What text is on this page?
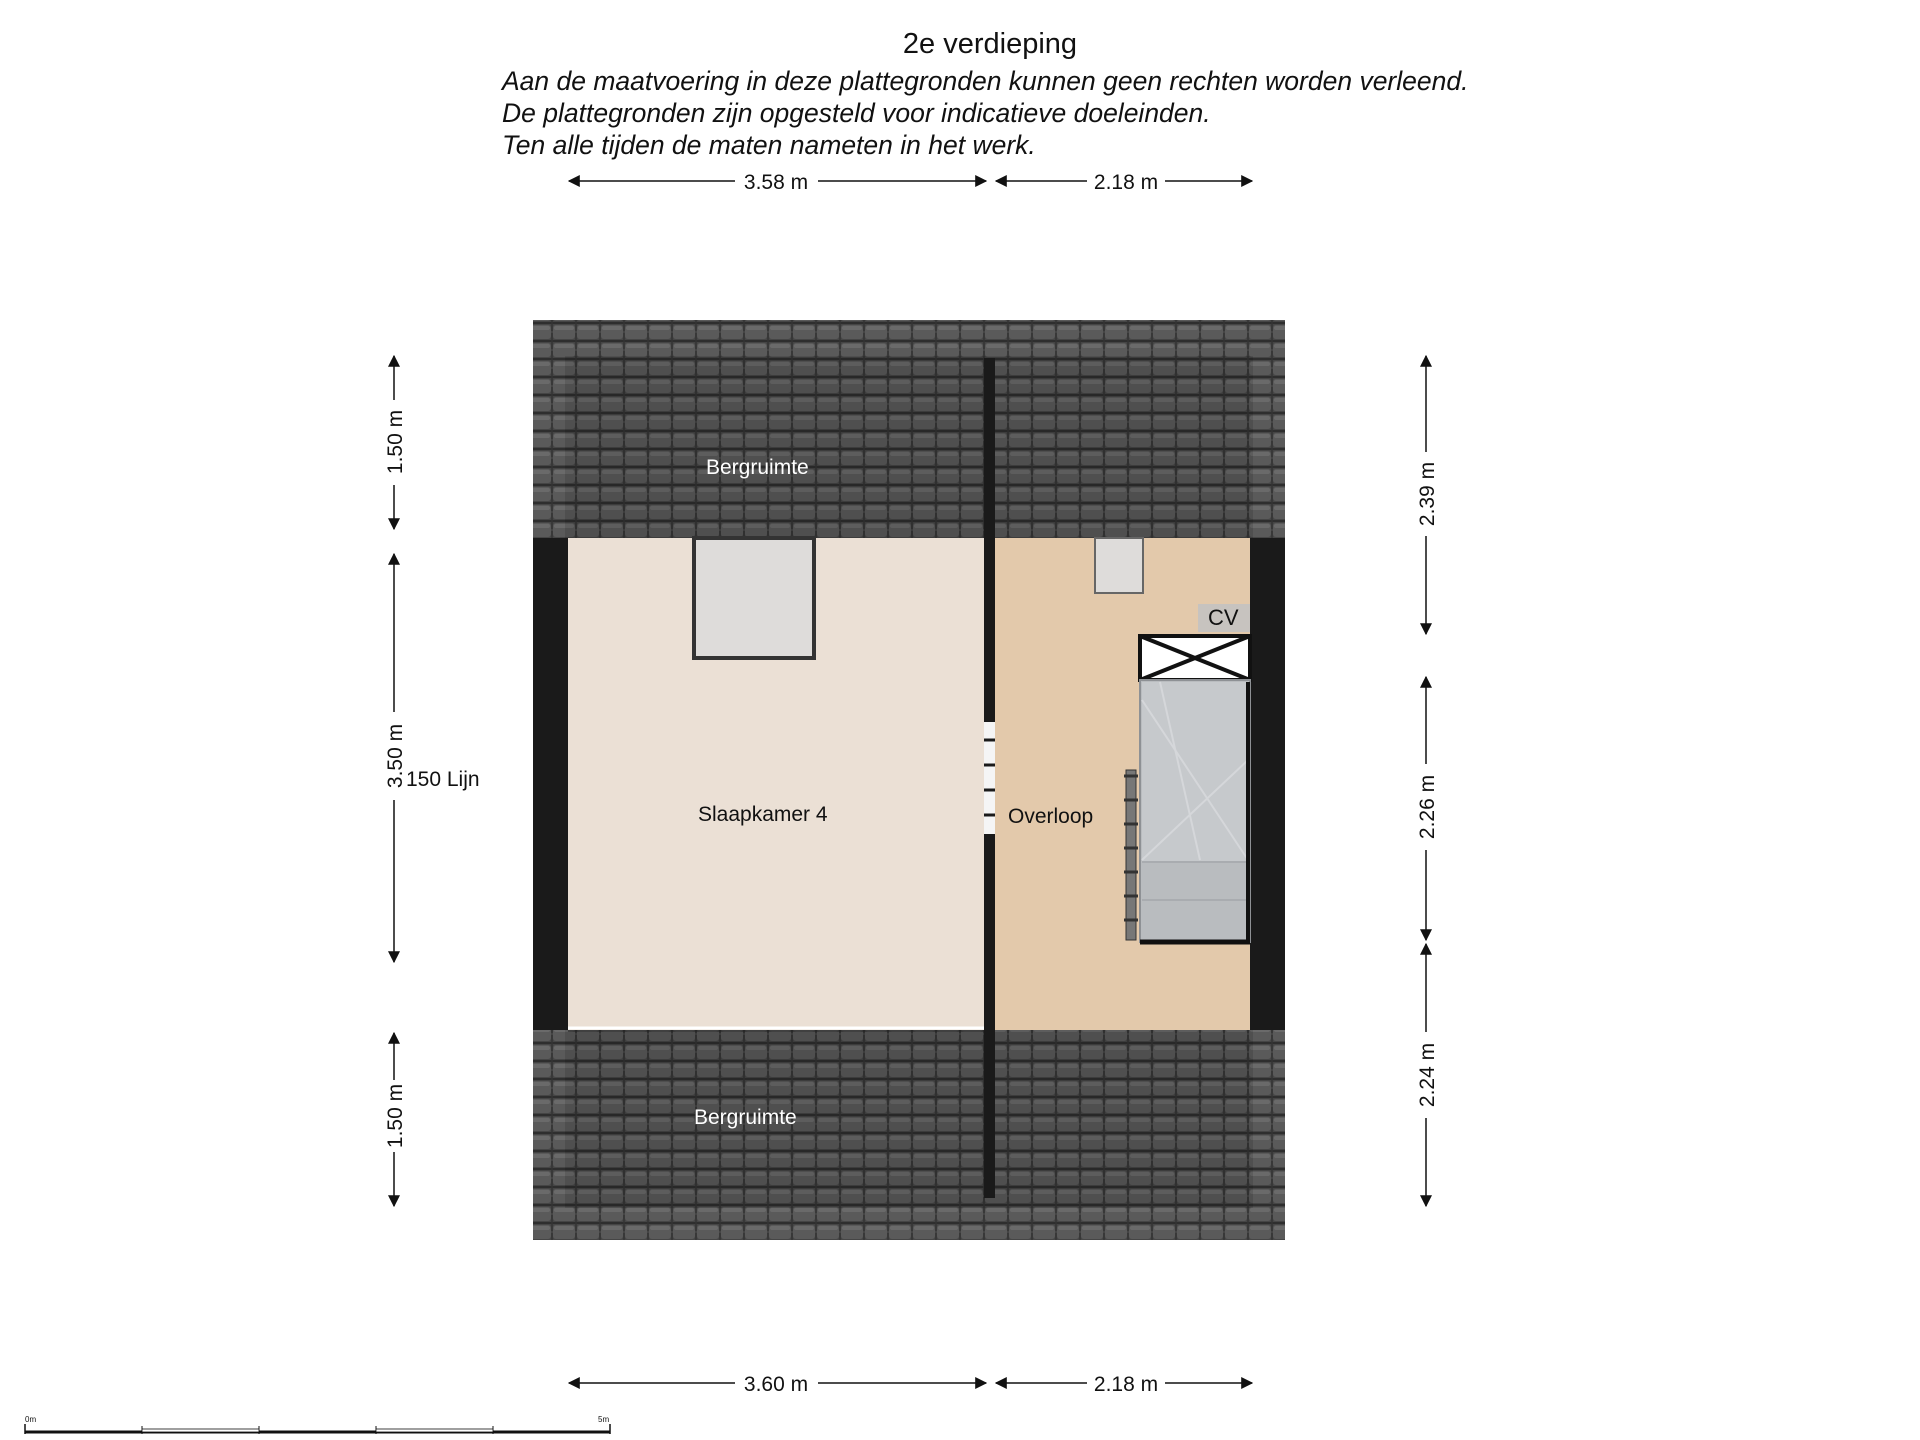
2e verdieping
Aan de maatvoering in deze plattegronden kunnen geen rechten worden verleend.
De plattegronden zijn opgesteld voor indicatieve doeleinden.
Ten alle tijden de maten nameten in het werk.
CV
Bergruimte
Bergruimte
Slaapkamer 4	Overloop
150 Lijn
3.58 m	2.18 m
3.60 m	2.18 m
1.50 m
3.50 m
1.50 m
2.39 m
2.26 m
2.24 m
0m	5m
